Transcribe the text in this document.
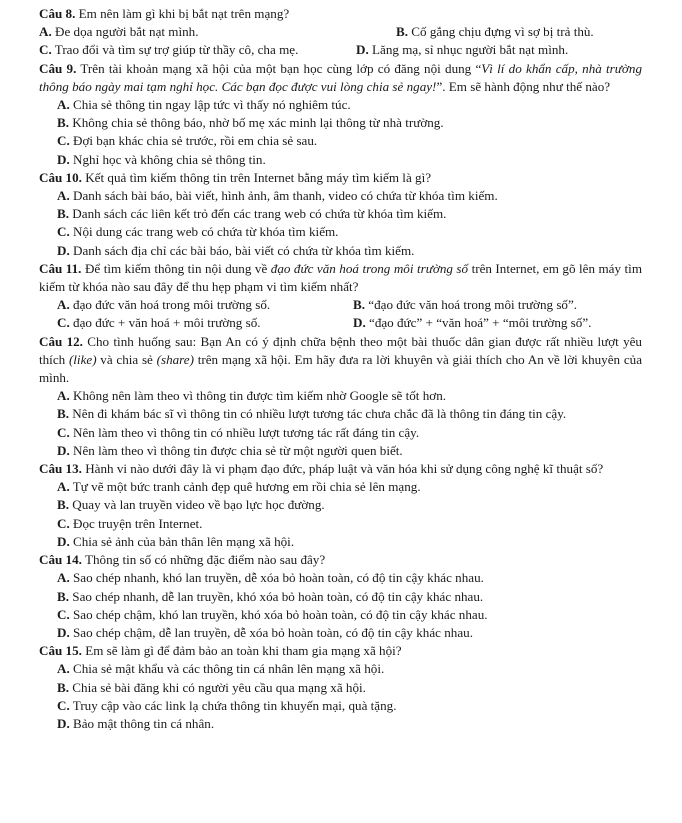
Câu 8. Em nên làm gì khi bị bắt nạt trên mạng?

A. Đe dọa người bắt nạt mình.	B. Cố gắng chịu đựng vì sợ bị trả thù.

C. Trao đổi và tìm sự trợ giúp từ thầy cô, cha mẹ.	D. Lăng mạ, sỉ nhục người bắt nạt mình.

Câu 9. Trên tài khoản mạng xã hội của một bạn học cùng lớp có đăng nội dung “Vì lí do khẩn cấp, nhà trường thông báo ngày mai tạm nghỉ học. Các bạn đọc được vui lòng chia sẻ ngay!”. Em sẽ hành động như thế nào?

A. Chia sẻ thông tin ngay lập tức vì thấy nó nghiêm túc.

B. Không chia sẻ thông báo, nhờ bố mẹ xác minh lại thông từ nhà trường.

C. Đợi bạn khác chia sẻ trước, rồi em chia sẻ sau.

D. Nghỉ học và không chia sẻ thông tin.

Câu 10. Kết quả tìm kiếm thông tin trên Internet bằng máy tìm kiếm là gì?

A. Danh sách bài báo, bài viết, hình ảnh, âm thanh, video có chứa từ khóa tìm kiếm.

B. Danh sách các liên kết trỏ đến các trang web có chứa từ khóa tìm kiếm.

C. Nội dung các trang web có chứa từ khóa tìm kiếm.

D. Danh sách địa chỉ các bài báo, bài viết có chứa từ khóa tìm kiếm.

Câu 11. Để tìm kiếm thông tin nội dung về đạo đức văn hoá trong môi trường số trên Internet, em gõ lên máy tìm kiếm từ khóa nào sau đây để thu hẹp phạm vi tìm kiếm nhất?

A. đạo đức văn hoá trong môi trường số.	B. “đạo đức văn hoá trong môi trường số”.

C. đạo đức + văn hoá + môi trường số.	D. “đạo đức” + “văn hoá” + “môi trường số”.

Câu 12. Cho tình huống sau: Bạn An có ý định chữa bệnh theo một bài thuốc dân gian được rất nhiều lượt yêu thích (like) và chia sẻ (share) trên mạng xã hội. Em hãy đưa ra lời khuyên và giải thích cho An về lời khuyên của mình.

A. Không nên làm theo vì thông tin được tìm kiếm nhờ Google sẽ tốt hơn.

B. Nên đi khám bác sĩ vì thông tin có nhiều lượt tương tác chưa chắc đã là thông tin đáng tin cậy.

C. Nên làm theo vì thông tin có nhiều lượt tương tác rất đáng tin cậy.

D. Nên làm theo vì thông tin được chia sẻ từ một người quen biết.

Câu 13. Hành vi nào dưới đây là vi phạm đạo đức, pháp luật và văn hóa khi sử dụng công nghệ kĩ thuật số?

A. Tự vẽ một bức tranh cảnh đẹp quê hương em rồi chia sẻ lên mạng.

B. Quay và lan truyền video về bạo lực học đường.

C. Đọc truyện trên Internet.

D. Chia sẻ ảnh của bản thân lên mạng xã hội.

Câu 14. Thông tin số có những đặc điểm nào sau đây?

A. Sao chép nhanh, khó lan truyền, dễ xóa bỏ hoàn toàn, có độ tin cậy khác nhau.

B. Sao chép nhanh, dễ lan truyền, khó xóa bỏ hoàn toàn, có độ tin cậy khác nhau.

C. Sao chép chậm, khó lan truyền, khó xóa bỏ hoàn toàn, có độ tin cậy khác nhau.

D. Sao chép chậm, dễ lan truyền, dễ xóa bỏ hoàn toàn, có độ tin cậy khác nhau.

Câu 15. Em sẽ làm gì để đảm bảo an toàn khi tham gia mạng xã hội?

A. Chia sẻ mật khẩu và các thông tin cá nhân lên mạng xã hội.

B. Chia sẻ bài đăng khi có người yêu cầu qua mạng xã hội.

C. Truy cập vào các link lạ chứa thông tin khuyến mại, quà tặng.

D. Bảo mật thông tin cá nhân.
